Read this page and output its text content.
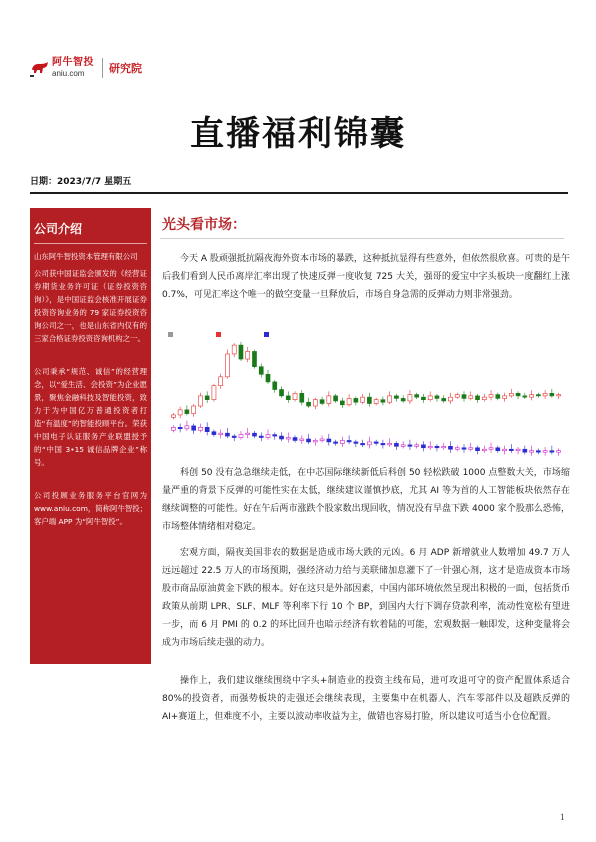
阿牛智投
aniu.com	研究院
直播福利锦囊
日期：2023/7/7 星期五
公司介绍

山东阿牛智投资本管理有限公司

公司获中国证监会颁发的《经营证券期货业务许可证（证券投资咨询）》，是中国证监会核准开展证券投资咨询业务的 79 家证券投资咨询公司之一，也是山东省内仅有的三家合格证券投资咨询机构之一。

公司秉承“规范、诚信”的经营理念，以“爱生活、会投资”为企业愿景，聚焦金融科技及智能投资，致力于为中国亿万普通投资者打造“有温度”的智能投顾平台。荣获中国电子认证服务产业联盟授予的“中国 3•15 诚信品牌企业”称号。

公司投顾业务服务平台官网为 www.aniu.com，简称阿牛智投；客户端 APP 为“阿牛智投”。

光头看市场：

今天 A 股顽强抵抗隔夜海外资本市场的暴跌，这种抵抗显得有些意外，但依然很欣喜。可贵的是午后我们看到人民币离岸汇率出现了快速反弹一度收复 725 大关，强哥的爱宝中字头板块一度翻红上涨 0.7%，可见汇率这个唯一的做空变量一旦释放后，市场自身急需的反弹动力则非常强劲。

科创 50 没有急急继续走低，在中芯国际继续新低后科创 50 轻松跌破 1000 点整数大关，市场缩量严重的背景下反弹的可能性实在太低，继续建议谨慎抄底，尤其 AI 等为首的人工智能板块依然存在继续调整的可能性。好在午后两市涨跌个股家数出现回收，情况没有早盘下跌 4000 家个股那么恐怖，市场整体情绪相对稳定。

宏观方面，隔夜美国非农的数据是造成市场大跌的元凶。6 月 ADP 新增就业人数增加 49.7 万人远远超过 22.5 万人的市场预期，强经济动力给与美联储加息灌下了一针强心剂，这才是造成资本市场股市商品原油黄金下跌的根本。好在这只是外部因素，中国内部环境依然呈现出积极的一面，包括货币政策从前期 LPR、SLF、MLF 等利率下行 10 个 BP，到国内大行下调存贷款利率，流动性宽松有望进一步，而 6 月 PMI 的 0.2 的环比回升也暗示经济有软着陆的可能，宏观数据一触即发，这种变量将会成为市场后续走强的动力。

操作上，我们建议继续围绕中字头+制造业的投资主线布局，进可攻退可守的资产配置体系适合 80%的投资者，而强势板块的走强还会继续表现，主要集中在机器人、汽车零部件以及超跌反弹的 AI+赛道上，但难度不小，主要以波动率收益为主，做错也容易打脸，所以建议可适当小仓位配置。

1
